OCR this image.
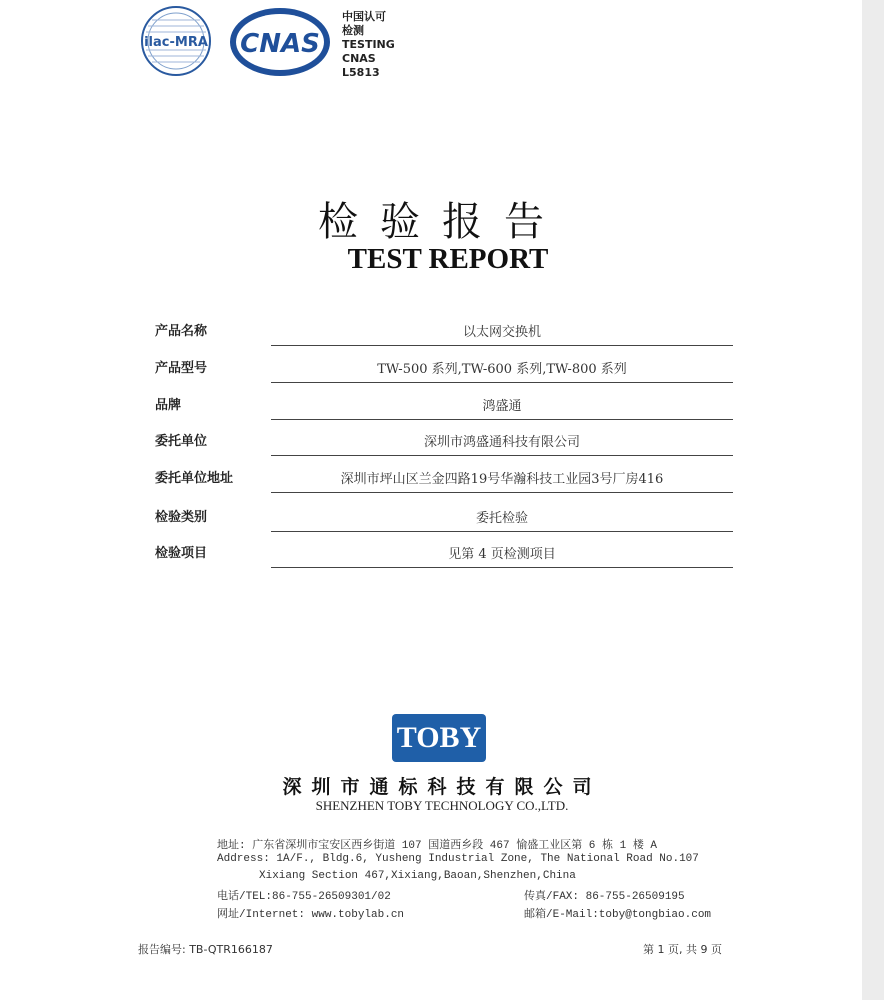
ilac-MRA CNAS
中国认可
检测
TESTING
CNAS L5813
检验报告
TEST REPORT
产品名称	以太网交换机
产品型号	TW-500 系列,TW-600 系列,TW-800 系列
品牌	鸿盛通
委托单位	深圳市鸿盛通科技有限公司
委托单位地址	深圳市坪山区兰金四路19号华瀚科技工业园3号厂房416
检验类别	委托检验
检验项目	见第 4 页检测项目
TOBY
深圳市通标科技有限公司
SHENZHEN TOBY TECHNOLOGY CO.,LTD.
地址: 广东省深圳市宝安区西乡街道 107 国道西乡段 467 愉盛工业区第 6 栋 1 楼 A
Address: 1A/F., Bldg.6, Yusheng Industrial Zone, The National Road No.107
Xixiang Section 467,Xixiang,Baoan,Shenzhen,China
电话/TEL:86-755-26509301/02	传真/FAX: 86-755-26509195
网址/Internet: www.tobylab.cn	邮箱/E-Mail:toby@tongbiao.com
报告编号: TB-QTR166187	第 1 页, 共 9 页
